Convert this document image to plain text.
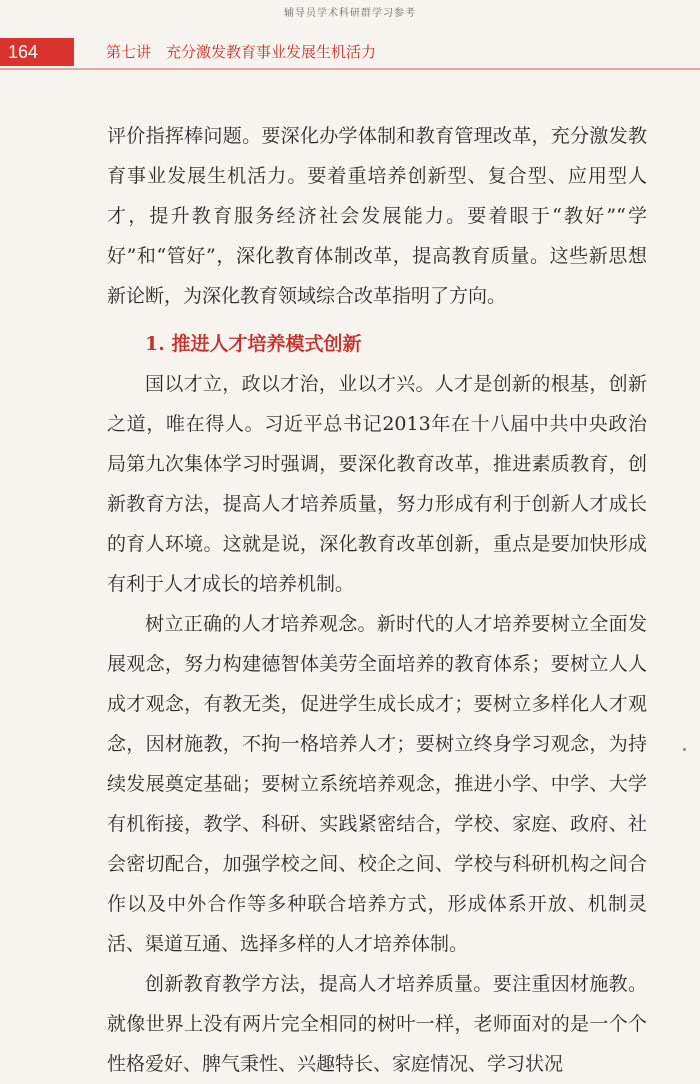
辅导员学术科研群学习参考
164	第七讲　充分激发教育事业发展生机活力

评价指挥棒问题。要深化办学体制和教育管理改革，充分激发教育事业发展生机活力。要着重培养创新型、复合型、应用型人才，提升教育服务经济社会发展能力。要着眼于“教好”“学好”和“管好”，深化教育体制改革，提高教育质量。这些新思想新论断，为深化教育领域综合改革指明了方向。

1. 推进人才培养模式创新

国以才立，政以才治，业以才兴。人才是创新的根基，创新之道，唯在得人。习近平总书记2013年在十八届中共中央政治局第九次集体学习时强调，要深化教育改革，推进素质教育，创新教育方法，提高人才培养质量，努力形成有利于创新人才成长的育人环境。这就是说，深化教育改革创新，重点是要加快形成有利于人才成长的培养机制。

树立正确的人才培养观念。新时代的人才培养要树立全面发展观念，努力构建德智体美劳全面培养的教育体系；要树立人人成才观念，有教无类，促进学生成长成才；要树立多样化人才观念，因材施教，不拘一格培养人才；要树立终身学习观念，为持续发展奠定基础；要树立系统培养观念，推进小学、中学、大学有机衔接，教学、科研、实践紧密结合，学校、家庭、政府、社会密切配合，加强学校之间、校企之间、学校与科研机构之间合作以及中外合作等多种联合培养方式，形成体系开放、机制灵活、渠道互通、选择多样的人才培养体制。

创新教育教学方法，提高人才培养质量。要注重因材施教。就像世界上没有两片完全相同的树叶一样，老师面对的是一个个性格爱好、脾气秉性、兴趣特长、家庭情况、学习状况
